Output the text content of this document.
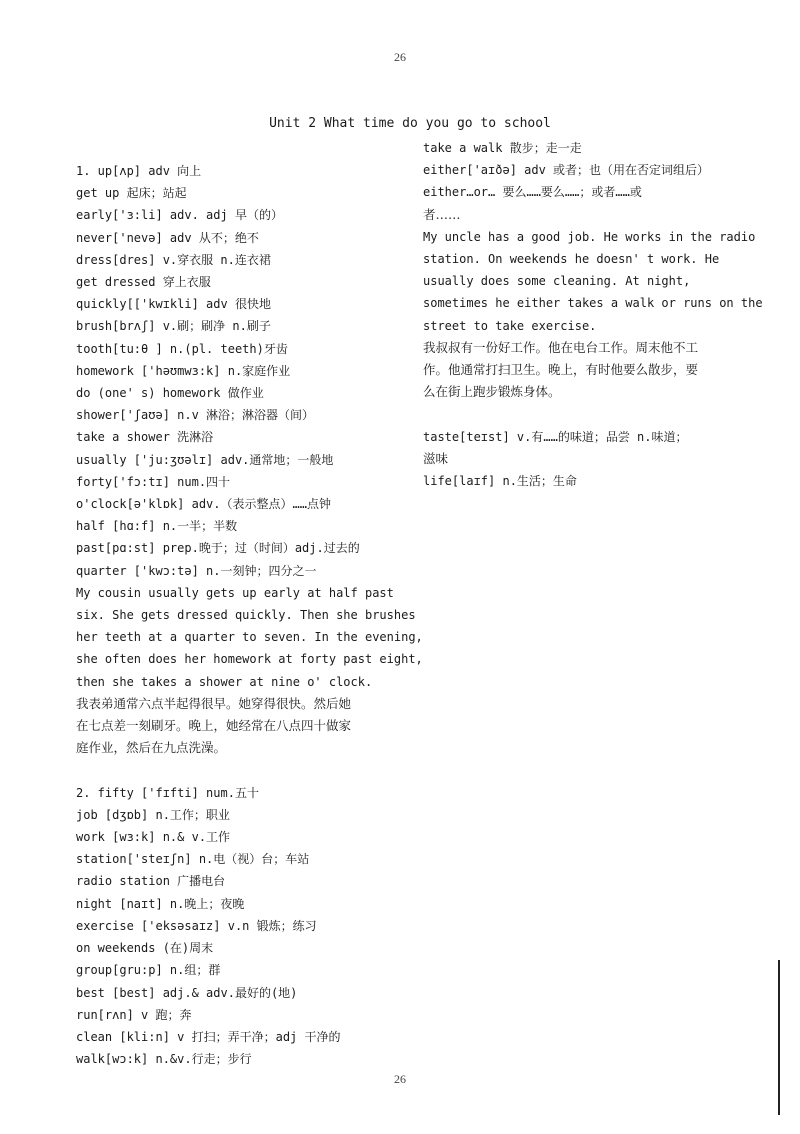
26
Unit 2 What time do you go to school
1. up[ʌp] adv 向上
get up 起床；站起
early['ɜ:li] adv. adj 早（的）
never['nevə] adv 从不；绝不
dress[dres] v.穿衣服 n.连衣裙
get dressed 穿上衣服
quickly[['kwɪkli] adv 很快地
brush[brʌʃ] v.刷；刷净 n.刷子
tooth[tu:θ ] n.(pl. teeth)牙齿
homework ['həʊmwɜ:k] n.家庭作业
do (one' s) homework 做作业
shower['ʃaʊə] n.v 淋浴；淋浴器（间）
take a shower 洗淋浴
usually ['ju:ʒʊəlɪ] adv.通常地；一般地
forty['fɔ:tɪ] num.四十
o'clock[ə'klɒk] adv.（表示整点）……点钟
half [hɑ:f] n.一半；半数
past[pɑ:st] prep.晚于；过（时间）adj.过去的
quarter ['kwɔ:tə] n.一刻钟；四分之一
My cousin usually gets up early at half past
six. She gets dressed quickly. Then she brushes
her teeth at a quarter to seven. In the evening,
she often does her homework at forty past eight,
then she takes a shower at nine o' clock.
我表弟通常六点半起得很早。她穿得很快。然后她
在七点差一刻刷牙。晚上，她经常在八点四十做家
庭作业，然后在九点洗澡。
2. fifty ['fɪfti] num.五十
job [dʒɒb] n.工作；职业
work [wɜ:k] n.& v.工作
station['steɪʃn] n.电（视）台；车站
radio station 广播电台
night [naɪt] n.晚上；夜晚
exercise ['eksəsaɪz] v.n 锻炼；练习
on weekends (在)周末
group[gru:p] n.组；群
best [best] adj.& adv.最好的(地)
run[rʌn] v 跑；奔
clean [kli:n] v 打扫；弄干净；adj 干净的
walk[wɔ:k] n.&v.行走；步行
take a walk 散步；走一走
either['aɪðə] adv 或者；也（用在否定词组后）
either…or… 要么……要么……；或者……或
者……
My uncle has a good job. He works in the radio
station. On weekends he doesn' t work. He
usually does some cleaning. At night,
sometimes he either takes a walk or runs on the
street to take exercise.
我叔叔有一份好工作。他在电台工作。周末他不工
作。他通常打扫卫生。晚上，有时他要么散步，要
么在街上跑步锻炼身体。
taste[teɪst] v.有……的味道；品尝 n.味道；
滋味
life[laɪf] n.生活；生命
26
